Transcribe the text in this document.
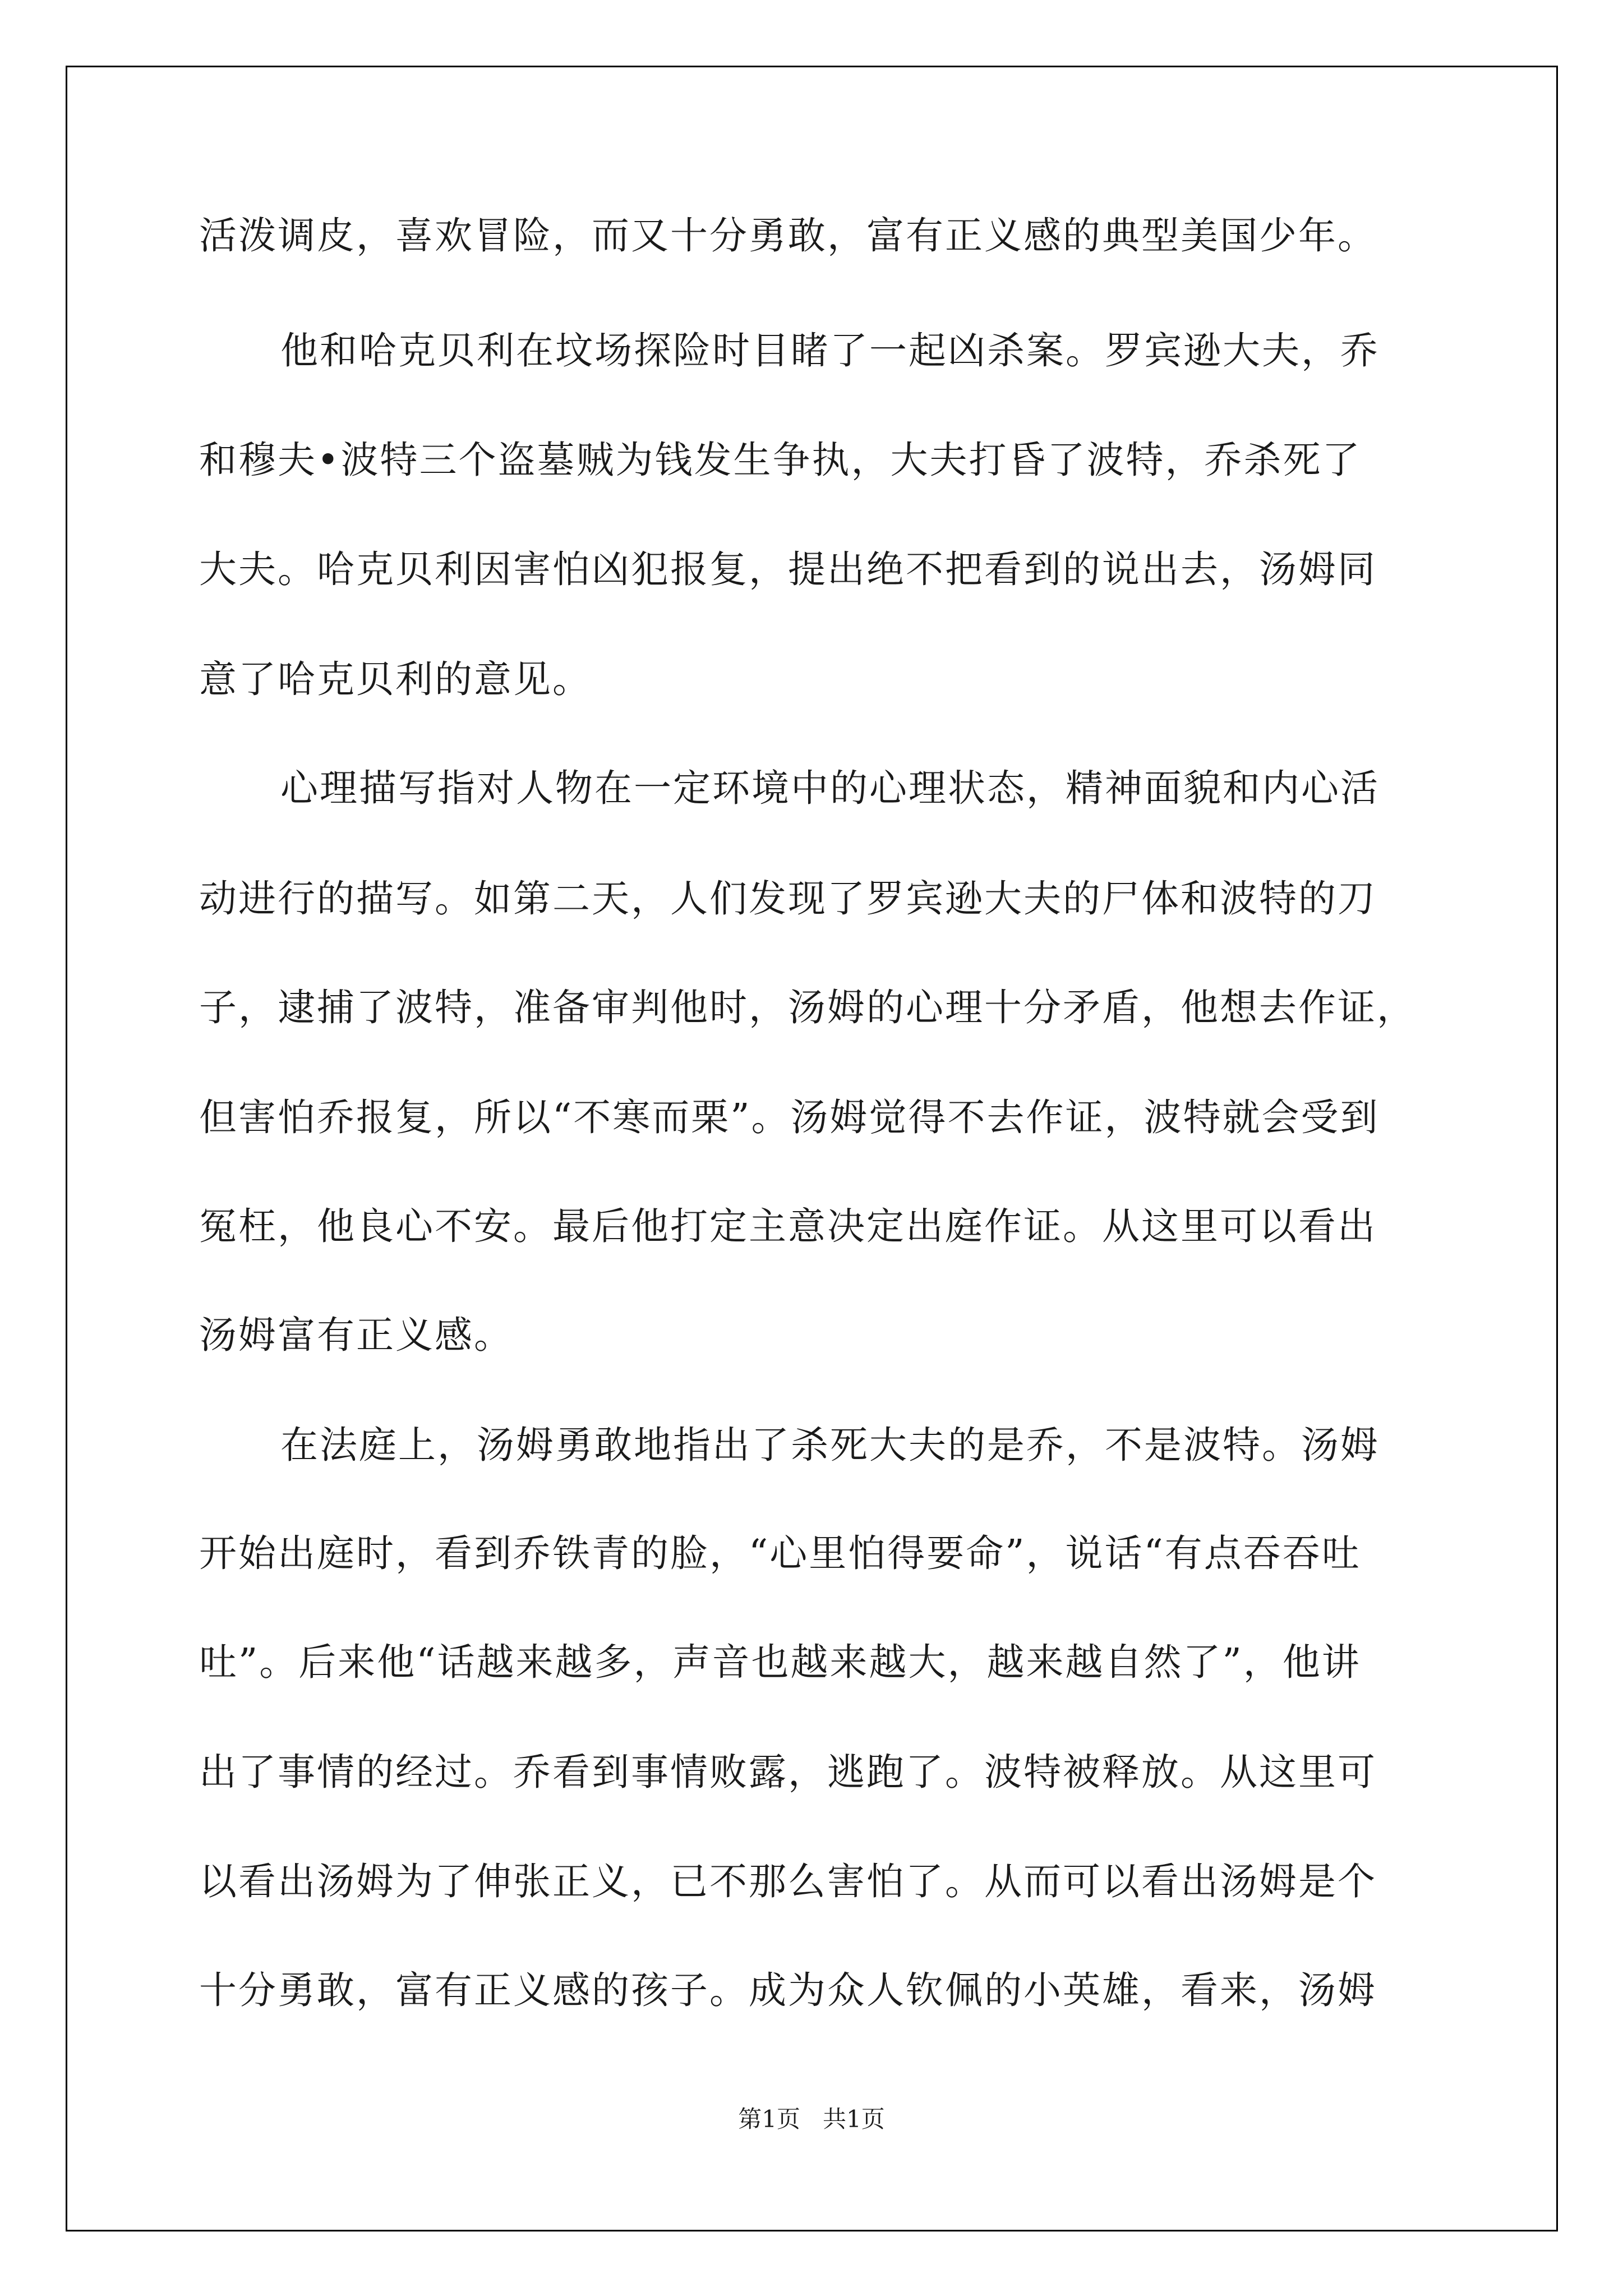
活泼调皮，喜欢冒险，而又十分勇敢，富有正义感的典型美国少年。

他和哈克贝利在坟场探险时目睹了一起凶杀案。罗宾逊大夫，乔

和穆夫•波特三个盗墓贼为钱发生争执，大夫打昏了波特，乔杀死了

大夫。哈克贝利因害怕凶犯报复，提出绝不把看到的说出去，汤姆同

意了哈克贝利的意见。

心理描写指对人物在一定环境中的心理状态，精神面貌和内心活

动进行的描写。如第二天，人们发现了罗宾逊大夫的尸体和波特的刀

子，逮捕了波特，准备审判他时，汤姆的心理十分矛盾，他想去作证，

但害怕乔报复，所以“不寒而栗”。汤姆觉得不去作证，波特就会受到

冤枉，他良心不安。最后他打定主意决定出庭作证。从这里可以看出

汤姆富有正义感。

在法庭上，汤姆勇敢地指出了杀死大夫的是乔，不是波特。汤姆

开始出庭时，看到乔铁青的脸，“心里怕得要命”，说话“有点吞吞吐

吐”。后来他“话越来越多，声音也越来越大，越来越自然了”，他讲

出了事情的经过。乔看到事情败露，逃跑了。波特被释放。从这里可

以看出汤姆为了伸张正义，已不那么害怕了。从而可以看出汤姆是个

十分勇敢，富有正义感的孩子。成为众人钦佩的小英雄，看来，汤姆

第1页   共1页
